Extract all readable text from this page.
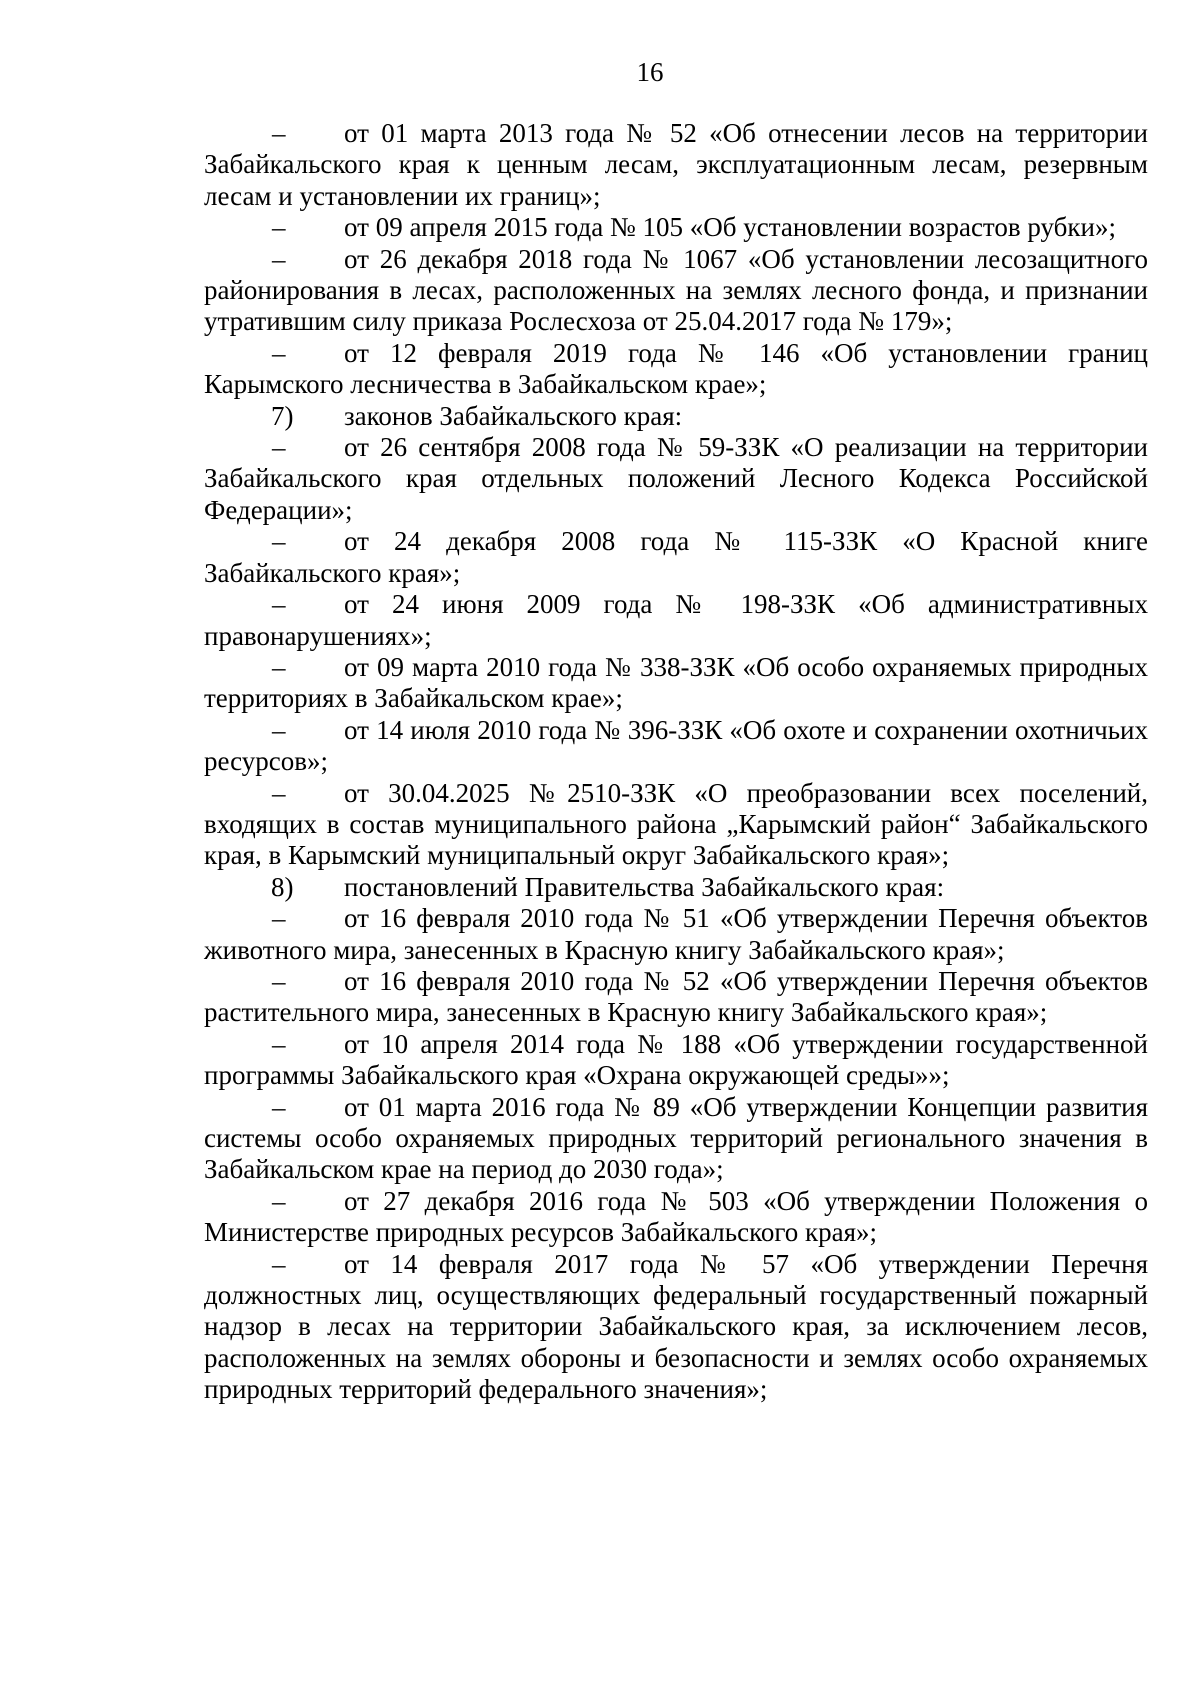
16

– от 01 марта 2013 года № 52 «Об отнесении лесов на территории Забайкальского края к ценным лесам, эксплуатационным лесам, резервным лесам и установлении их границ»;

– от 09 апреля 2015 года № 105 «Об установлении возрастов рубки»;

– от 26 декабря 2018 года № 1067 «Об установлении лесозащитного районирования в лесах, расположенных на землях лесного фонда, и признании утратившим силу приказа Рослесхоза от 25.04.2017 года № 179»;

– от 12 февраля 2019 года № 146 «Об установлении границ Карымского лесничества в Забайкальском крае»;

7) законов Забайкальского края:

– от 26 сентября 2008 года № 59-ЗЗК «О реализации на территории Забайкальского края отдельных положений Лесного Кодекса Российской Федерации»;

– от 24 декабря 2008 года № 115-ЗЗК «О Красной книге Забайкальского края»;

– от 24 июня 2009 года № 198-ЗЗК «Об административных правонарушениях»;

– от 09 марта 2010 года № 338-ЗЗК «Об особо охраняемых природных территориях в Забайкальском крае»;

– от 14 июля 2010 года № 396-ЗЗК «Об охоте и сохранении охотничьих ресурсов»;

– от 30.04.2025 №2510-ЗЗК «О преобразовании всех поселений, входящих в состав муниципального района „Карымский район“ Забайкальского края, в Карымский муниципальный округ Забайкальского края»;

8) постановлений Правительства Забайкальского края:

– от 16 февраля 2010 года № 51 «Об утверждении Перечня объектов животного мира, занесенных в Красную книгу Забайкальского края»;

– от 16 февраля 2010 года № 52 «Об утверждении Перечня объектов растительного мира, занесенных в Красную книгу Забайкальского края»;

– от 10 апреля 2014 года № 188 «Об утверждении государственной программы Забайкальского края «Охрана окружающей среды»»;

– от 01 марта 2016 года № 89 «Об утверждении Концепции развития системы особо охраняемых природных территорий регионального значения в Забайкальском крае на период до 2030 года»;

– от 27 декабря 2016 года № 503 «Об утверждении Положения о Министерстве природных ресурсов Забайкальского края»;

– от 14 февраля 2017 года № 57 «Об утверждении Перечня должностных лиц, осуществляющих федеральный государственный пожарный надзор в лесах на территории Забайкальского края, за исключением лесов, расположенных на землях обороны и безопасности и землях особо охраняемых природных территорий федерального значения»;
